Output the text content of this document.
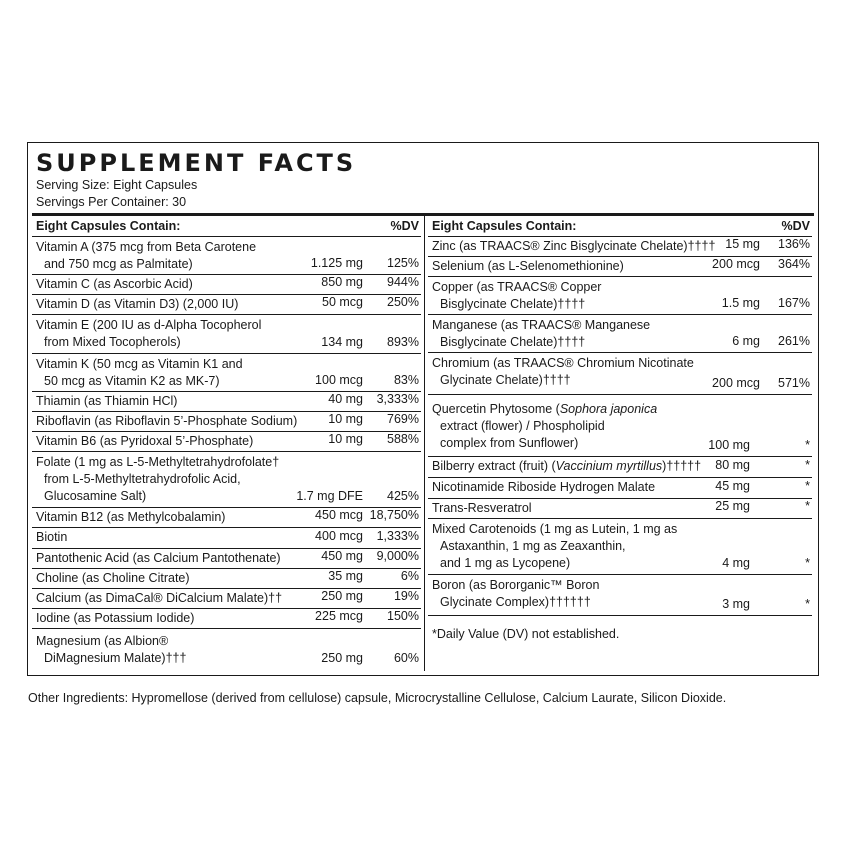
SUPPLEMENT FACTS
Serving Size: Eight Capsules
Servings Per Container: 30
Eight Capsules Contain:	%DV
Vitamin A (375 mcg from Beta Carotene
and 750 mcg as Palmitate)	1.125 mg 125%
Vitamin C (as Ascorbic Acid)	850 mg 944%
Vitamin D (as Vitamin D3) (2,000 IU)	50 mcg 250%
Vitamin E (200 IU as d-Alpha Tocopherol
from Mixed Tocopherols)	134 mg 893%
Vitamin K (50 mcg as Vitamin K1 and
50 mcg as Vitamin K2 as MK-7)	100 mcg 83%
Thiamin (as Thiamin HCl)	40 mg 3,333%
Riboflavin (as Riboflavin 5’-Phosphate Sodium) 10 mg 769%
Vitamin B6 (as Pyridoxal 5’-Phosphate)	10 mg 588%
Folate (1 mg as L-5-Methyltetrahydrofolate†
from L-5-Methyltetrahydrofolic Acid,
Glucosamine Salt)	1.7 mg DFE 425%
Vitamin B12 (as Methylcobalamin)	450 mcg 18,750%
Biotin	400 mcg 1,333%
Pantothenic Acid (as Calcium Pantothenate)	450 mg 9,000%
Choline (as Choline Citrate)	35 mg	6%
Calcium (as DimaCal® DiCalcium Malate)††	250 mg 19%
Iodine (as Potassium Iodide)	225 mcg 150%
Magnesium (as Albion®
DiMagnesium Malate)†††	250 mg 60%
Eight Capsules Contain:	%DV
Zinc (as TRAACS® Zinc Bisglycinate Chelate)†††† 15 mg 136%
Selenium (as L-Selenomethionine)	200 mcg 364%
Copper (as TRAACS® Copper
Bisglycinate Chelate)††††	1.5 mg 167%
Manganese (as TRAACS® Manganese
Bisglycinate Chelate)††††	6 mg 261%
Chromium (as TRAACS® Chromium Nicotinate
Glycinate Chelate)††††	200 mcg 571%
Quercetin Phytosome (Sophora japonica
extract (flower) / Phospholipid
complex from Sunflower)	100 mg	*
Bilberry extract (fruit) (Vaccinium myrtillus)††††† 80 mg	*
Nicotinamide Riboside Hydrogen Malate	45 mg	*
Trans-Resveratrol	25 mg	*
Mixed Carotenoids (1 mg as Lutein, 1 mg as
Astaxanthin, 1 mg as Zeaxanthin,
and 1 mg as Lycopene)	4 mg	*
Boron (as Bororganic™ Boron
Glycinate Complex)††††††	3 mg	*
*Daily Value (DV) not established.
Other Ingredients: Hypromellose (derived from cellulose) capsule, Microcrystalline Cellulose, Calcium Laurate, Silicon Dioxide.
